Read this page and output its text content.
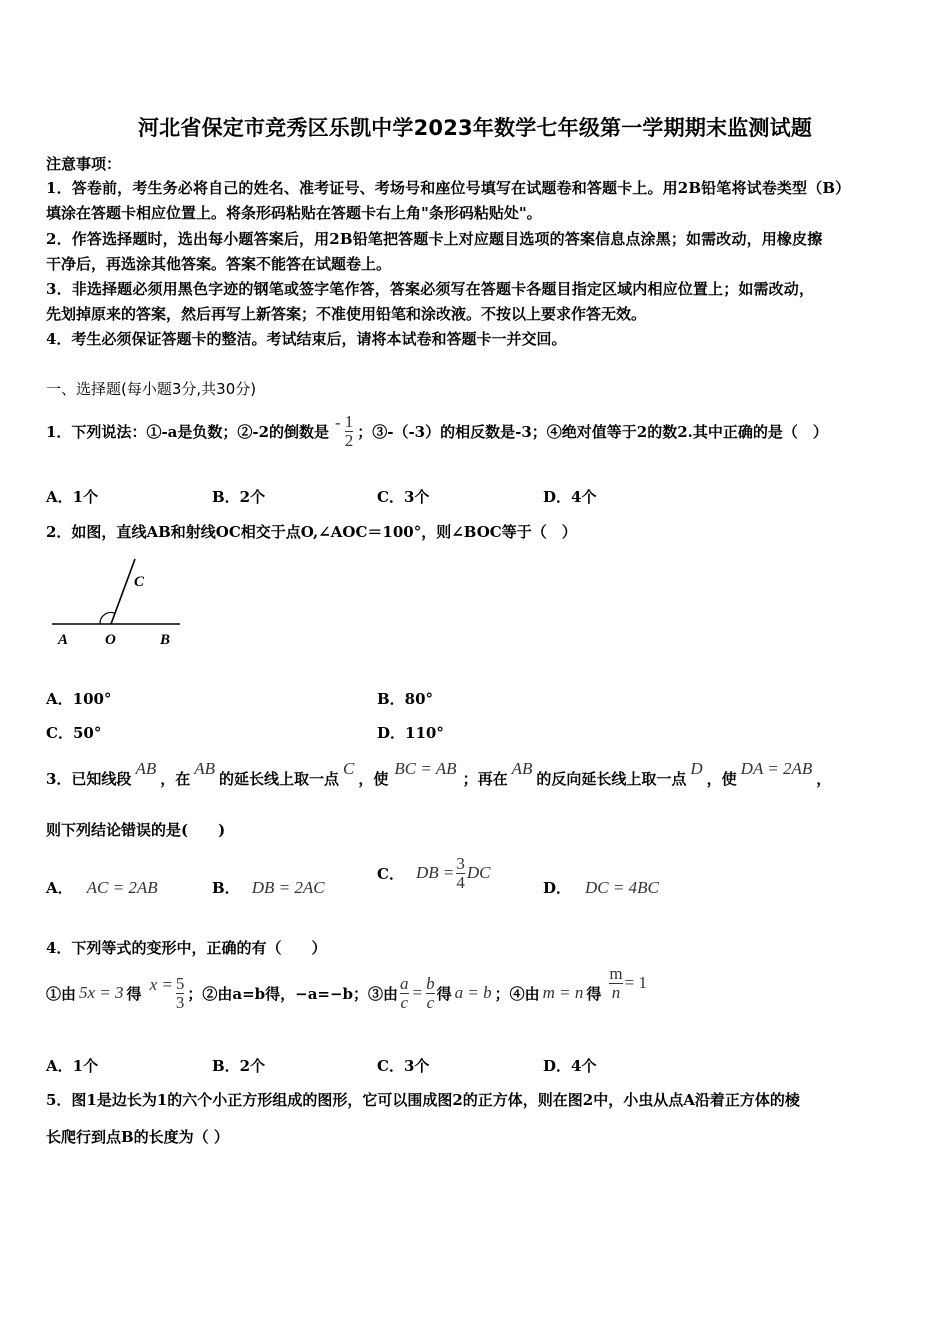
河北省保定市竞秀区乐凯中学2023年数学七年级第一学期期末监测试题
注意事项：
1．答卷前，考生务必将自己的姓名、准考证号、考场号和座位号填写在试题卷和答题卡上。用2B铅笔将试卷类型（B）
填涂在答题卡相应位置上。将条形码粘贴在答题卡右上角"条形码粘贴处"。
2．作答选择题时，选出每小题答案后，用2B铅笔把答题卡上对应题目选项的答案信息点涂黑；如需改动，用橡皮擦
干净后，再选涂其他答案。答案不能答在试题卷上。
3．非选择题必须用黑色字迹的钢笔或签字笔作答，答案必须写在答题卡各题目指定区域内相应位置上；如需改动，
先划掉原来的答案，然后再写上新答案；不准使用铅笔和涂改液。不按以上要求作答无效。
4．考生必须保证答题卡的整洁。考试结束后，请将本试卷和答题卡一并交回。
一、选择题(每小题3分,共30分)
1．下列说法：①-a是负数；②-2的倒数是 - $\frac{1}{2}$ ；③-（-3）的相反数是-3；④绝对值等于2的数2.其中正确的是（　）
A．1个	B．2个	C．3个	D．4个
2．如图，直线AB和射线OC相交于点O,∠AOC＝100°，则∠BOC等于（　）
A O	B
C
A．100°	B．80°
C．50°	D．110°
3．已知线段
AB
，在
AB
的延长线上取一点
C
，使
BC = AB
；再在
AB
的反向延长线上取一点
D
，使
DA = 2AB
，
则下列结论错误的是(　　)
A． AC = 2AB	B． DB = 2AC
C． DB = $\frac{3}{4}$ DC
D． DC = 4BC
4．下列等式的变形中，正确的有（　　）
①由 5x = 3 得 $x = \frac{5}{3}$ ；②由a=b得，−a=−b；③由 $\frac{a}{c} = \frac{b}{c}$ 得 a = b ；④由 m = n 得 $\frac{m}{n} = 1$
A．1个	B．2个	C．3个	D．4个
5．图1是边长为1的六个小正方形组成的图形，它可以围成图2的正方体，则在图2中，小虫从点A沿着正方体的棱
长爬行到点B的长度为（ ）
